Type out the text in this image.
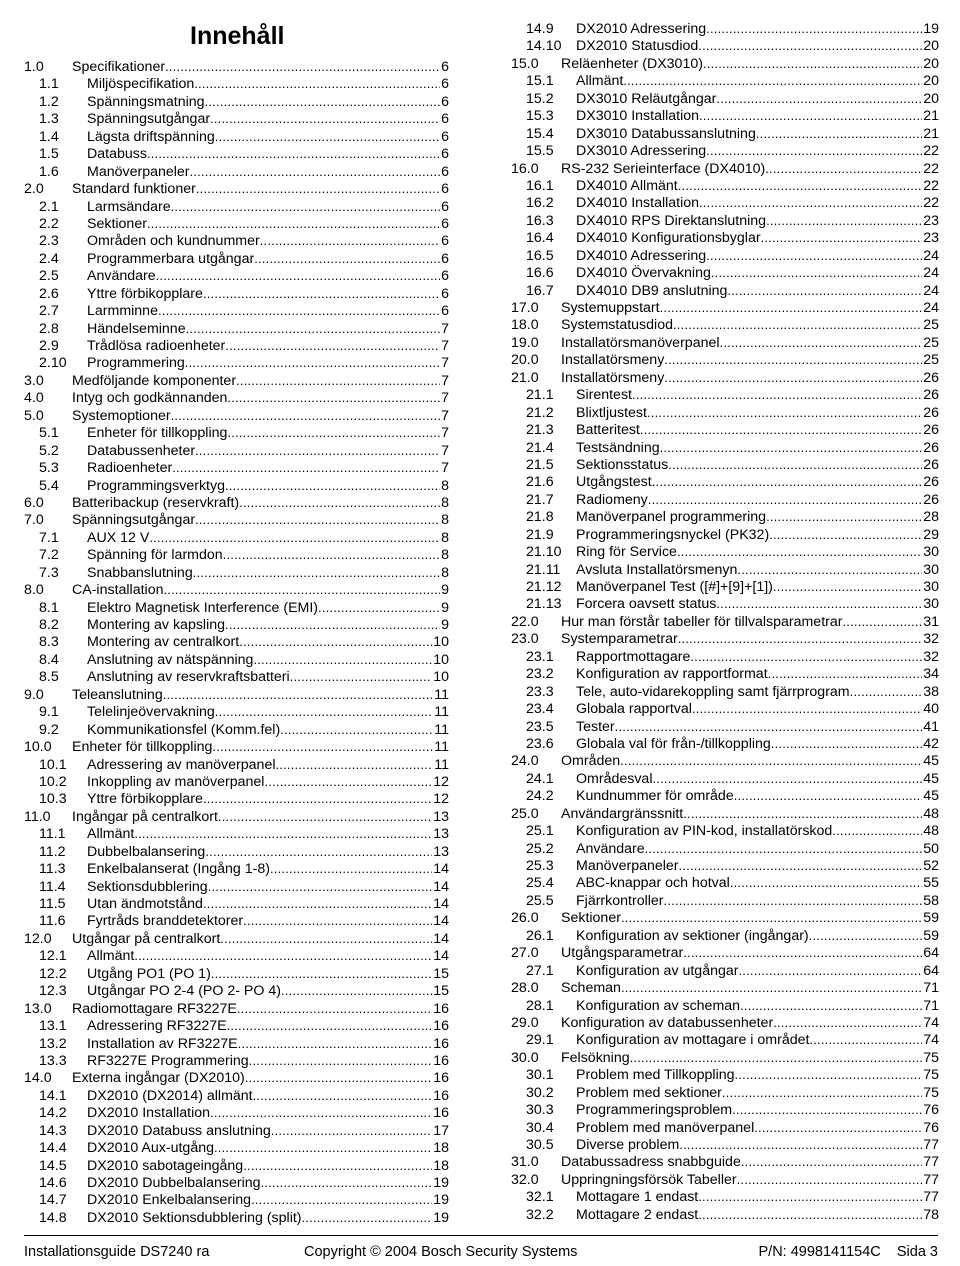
Innehåll
1.0	Specifikationer .....	6
1.1	Miljöspecifikation .....	6
1.2	Spänningsmatning .....	6
1.3	Spänningsutgångar .....	6
1.4	Lägsta driftspänning .....	6
1.5	Databuss .....	6
1.6	Manöverpaneler .....	6
2.0	Standard funktioner .....	6
2.1	Larmsändare .....	6
2.2	Sektioner .....	6
2.3	Områden och kundnummer .....	6
2.4	Programmerbara utgångar .....	6
2.5	Användare .....	6
2.6	Yttre förbikopplare .....	6
2.7	Larmminne .....	6
2.8	Händelseminne .....	7
2.9	Trådlösa radioenheter .....	7
2.10	Programmering .....	7
3.0	Medföljande komponenter .....	7
4.0	Intyg och godkännanden .....	7
5.0	Systemoptioner .....	7
5.1	Enheter för tillkoppling .....	7
5.2	Databussenheter .....	7
5.3	Radioenheter .....	7
5.4	Programmingsverktyg .....	8
6.0	Batteribackup (reservkraft) .....	8
7.0	Spänningsutgångar .....	8
7.1	AUX 12 V .....	8
7.2	Spänning för larmdon .....	8
7.3	Snabbanslutning .....	8
8.0	CA-installation .....	9
8.1	Elektro Magnetisk Interference (EMI) .....	9
8.2	Montering av kapsling .....	9
8.3	Montering av centralkort .....	10
8.4	Anslutning av nätspänning .....	10
8.5	Anslutning av reservkraftsbatteri .....	10
9.0	Teleanslutning .....	11
9.1	Telelinjeövervakning .....	11
9.2	Kommunikationsfel (Komm.fel) .....	11
10.0	Enheter för tillkoppling .....	11
10.1	Adressering av manöverpanel .....	11
10.2	Inkoppling av manöverpanel .....	12
10.3	Yttre förbikopplare .....	12
11.0	Ingångar på centralkort .....	13
11.1	Allmänt .....	13
11.2	Dubbelbalansering .....	13
11.3	Enkelbalanserat (Ingång 1-8) .....	14
11.4	Sektionsdubblering .....	14
11.5	Utan ändmotstånd .....	14
11.6	Fyrtråds branddetektorer .....	14
12.0	Utgångar på centralkort .....	14
12.1	Allmänt .....	14
12.2	Utgång PO1 (PO 1) .....	15
12.3	Utgångar PO 2-4 (PO 2- PO 4) .....	15
13.0	Radiomottagare RF3227E .....	16
13.1	Adressering RF3227E .....	16
13.2	Installation av RF3227E .....	16
13.3	RF3227E Programmering .....	16
14.0	Externa ingångar (DX2010) .....	16
14.1	DX2010 (DX2014) allmänt .....	16
14.2	DX2010 Installation .....	16
14.3	DX2010 Databuss anslutning .....	17
14.4	DX2010 Aux-utgång .....	18
14.5	DX2010 sabotageingång .....	18
14.6	DX2010 Dubbelbalansering .....	19
14.7	DX2010 Enkelbalansering .....	19
14.8	DX2010 Sektionsdubblering (split) .....	19
14.9	DX2010 Adressering .....	19
14.10	DX2010 Statusdiod .....	20
15.0	Reläenheter (DX3010) .....	20
15.1	Allmänt .....	20
15.2	DX3010 Reläutgångar .....	20
15.3	DX3010 Installation .....	21
15.4	DX3010 Databussanslutning .....	21
15.5	DX3010 Adressering .....	22
16.0	RS-232 Serieinterface (DX4010) .....	22
16.1	DX4010 Allmänt .....	22
16.2	DX4010 Installation .....	22
16.3	DX4010 RPS Direktanslutning .....	23
16.4	DX4010 Konfigurationsbyglar .....	23
16.5	DX4010 Adressering .....	24
16.6	DX4010 Övervakning .....	24
16.7	DX4010 DB9 anslutning .....	24
17.0	Systemuppstart .....	24
18.0	Systemstatusdiod .....	25
19.0	Installatörsmanöverpanel .....	25
20.0	Installatörsmeny .....	25
21.0	Installatörsmeny .....	26
21.1	Sirentest .....	26
21.2	Blixtljustest .....	26
21.3	Batteritest .....	26
21.4	Testsändning .....	26
21.5	Sektionsstatus .....	26
21.6	Utgångstest .....	26
21.7	Radiomeny .....	26
21.8	Manöverpanel programmering .....	28
21.9	Programmeringsnyckel (PK32) .....	29
21.10	Ring för Service .....	30
21.11	Avsluta Installatörsmenyn .....	30
21.12	Manöverpanel Test ([#]+[9]+[1]) .....	30
21.13	Forcera oavsett status .....	30
22.0	Hur man förstår tabeller för tillvalsparametrar .....	31
23.0	Systemparametrar .....	32
23.1	Rapportmottagare .....	32
23.2	Konfiguration av rapportformat .....	34
23.3	Tele, auto-vidarekoppling samt fjärrprogram .....	38
23.4	Globala rapportval .....	40
23.5	Tester .....	41
23.6	Globala val för från-/tillkoppling .....	42
24.0	Områden .....	45
24.1	Områdesval .....	45
24.2	Kundnummer för område .....	45
25.0	Användargränssnitt .....	48
25.1	Konfiguration av PIN-kod, installatörskod .....	48
25.2	Användare .....	50
25.3	Manöverpaneler .....	52
25.4	ABC-knappar och hotval .....	55
25.5	Fjärrkontroller .....	58
26.0	Sektioner .....	59
26.1	Konfiguration av sektioner (ingångar) .....	59
27.0	Utgångsparametrar .....	64
27.1	Konfiguration av utgångar .....	64
28.0	Scheman .....	71
28.1	Konfiguration av scheman .....	71
29.0	Konfiguration av databussenheter .....	74
29.1	Konfiguration av mottagare i området .....	74
30.0	Felsökning .....	75
30.1	Problem med Tillkoppling .....	75
30.2	Problem med sektioner .....	75
30.3	Programmeringsproblem .....	76
30.4	Problem med manöverpanel .....	76
30.5	Diverse problem .....	77
31.0	Databussadress snabbguide .....	77
32.0	Uppringningsförsök Tabeller .....	77
32.1	Mottagare 1 endast .....	77
32.2	Mottagare 2 endast .....	78
Installationsguide DS7240 ra	Copyright © 2004 Bosch Security Systems	P/N: 4998141154C    Sida 3
